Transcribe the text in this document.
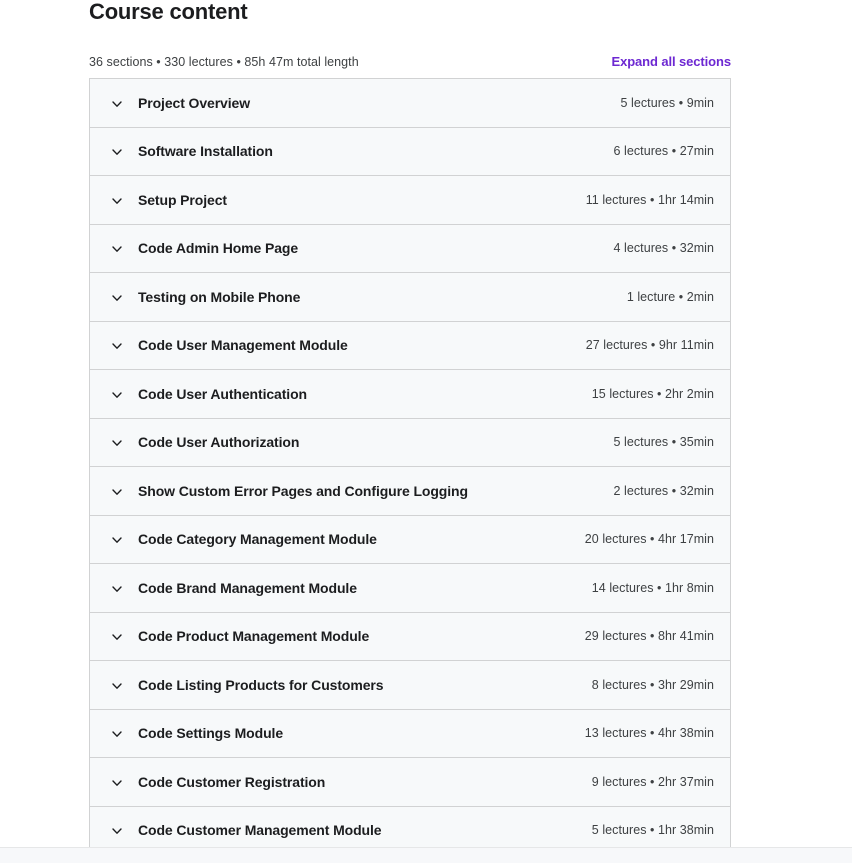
Course content
36 sections • 330 lectures • 85h 47m total length	Expand all sections
Project Overview	5 lectures • 9min
Software Installation	6 lectures • 27min
Setup Project	11 lectures • 1hr 14min
Code Admin Home Page	4 lectures • 32min
Testing on Mobile Phone	1 lecture • 2min
Code User Management Module	27 lectures • 9hr 11min
Code User Authentication	15 lectures • 2hr 2min
Code User Authorization	5 lectures • 35min
Show Custom Error Pages and Configure Logging	2 lectures • 32min
Code Category Management Module	20 lectures • 4hr 17min
Code Brand Management Module	14 lectures • 1hr 8min
Code Product Management Module	29 lectures • 8hr 41min
Code Listing Products for Customers	8 lectures • 3hr 29min
Code Settings Module	13 lectures • 4hr 38min
Code Customer Registration	9 lectures • 2hr 37min
Code Customer Management Module	5 lectures • 1hr 38min
